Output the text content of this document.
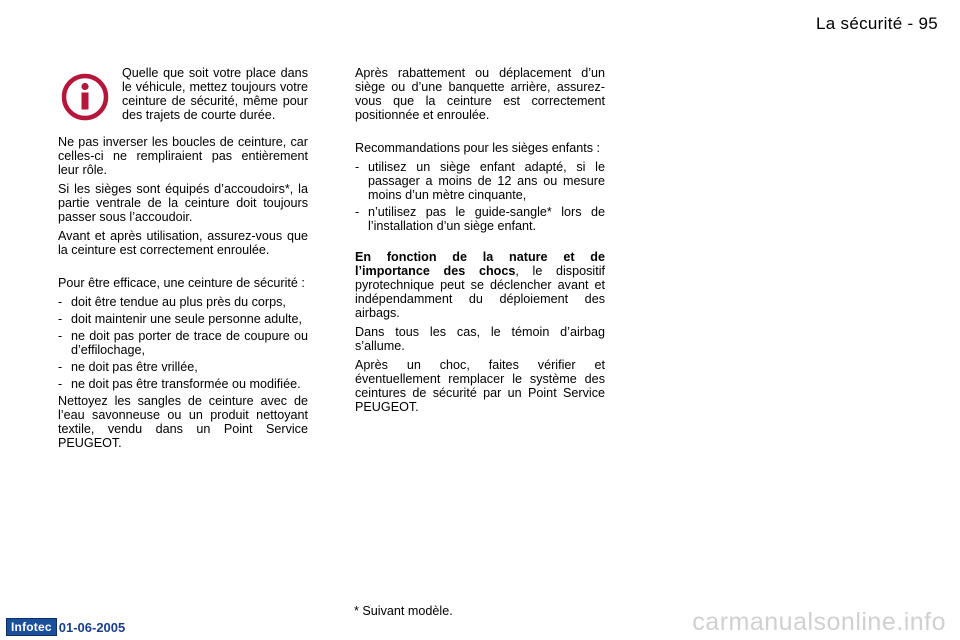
La sécurité - 95
Quelle que soit votre place dans le véhicule, mettez toujours votre ceinture de sécurité, même pour des trajets de courte durée.

Ne pas inverser les boucles de ceinture, car celles-ci ne rempliraient pas entièrement leur rôle.

Si les sièges sont équipés d’accoudoirs*, la partie ventrale de la ceinture doit toujours passer sous l’accoudoir.

Avant et après utilisation, assurez-vous que la ceinture est correctement enroulée.

Pour être efficace, une ceinture de sécurité :

- doit être tendue au plus près du corps,
- doit maintenir une seule personne adulte,
- ne doit pas porter de trace de coupure ou d’effilochage,
- ne doit pas être vrillée,
- ne doit pas être transformée ou modifiée.

Nettoyez les sangles de ceinture avec de l’eau savonneuse ou un produit nettoyant textile, vendu dans un Point Service PEUGEOT.

Après rabattement ou déplacement d’un siège ou d’une banquette arrière, assurez-vous que la ceinture est correctement positionnée et enroulée.

Recommandations pour les sièges enfants :

- utilisez un siège enfant adapté, si le passager a moins de 12 ans ou mesure moins d’un mètre cinquante,
- n’utilisez pas le guide-sangle* lors de l’installation d’un siège enfant.

En fonction de la nature et de l’importance des chocs, le dispositif pyrotechnique peut se déclencher avant et indépendamment du déploiement des airbags.

Dans tous les cas, le témoin d’airbag s’allume.

Après un choc, faites vérifier et éventuellement remplacer le système des ceintures de sécurité par un Point Service PEUGEOT.

* Suivant modèle.
Infotec 01-06-2005	carmanualsonline.info
